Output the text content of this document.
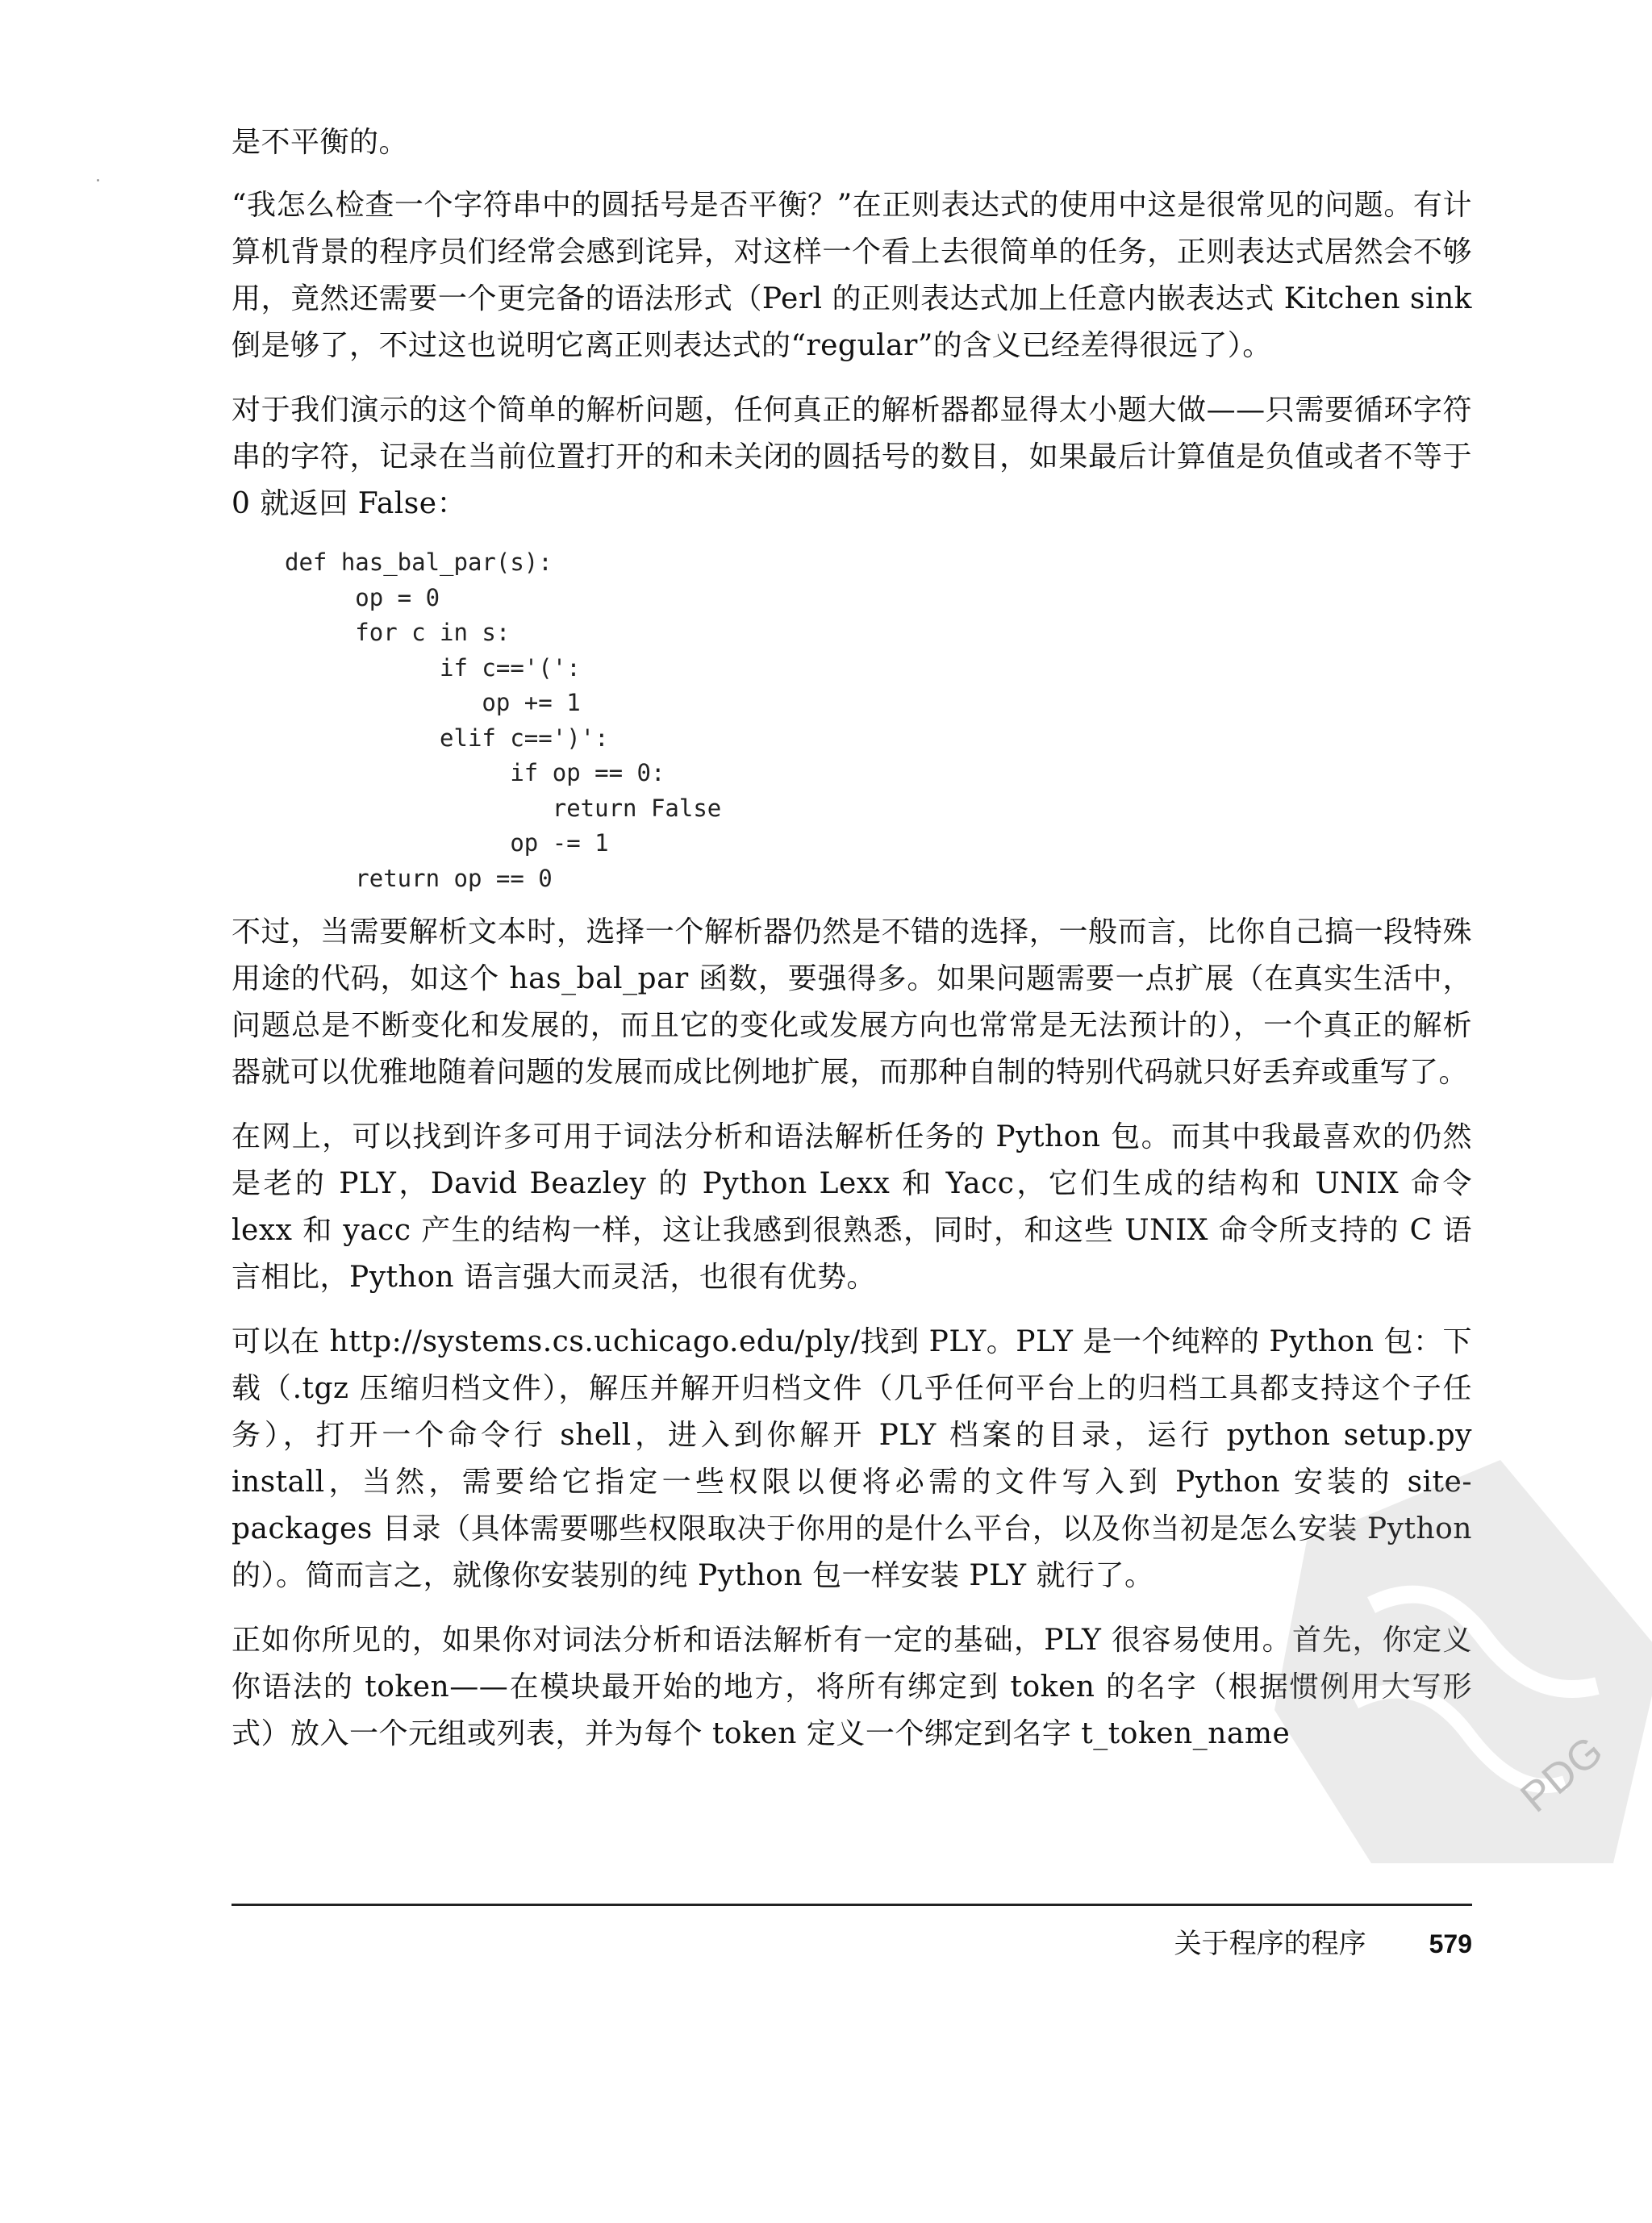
是不平衡的。

“我怎么检查一个字符串中的圆括号是否平衡？”在正则表达式的使用中这是很常见的问题。有计算机背景的程序员们经常会感到诧异，对这样一个看上去很简单的任务，正则表达式居然会不够用，竟然还需要一个更完备的语法形式（Perl 的正则表达式加上任意内嵌表达式 Kitchen sink 倒是够了，不过这也说明它离正则表达式的“regular”的含义已经差得很远了）。

对于我们演示的这个简单的解析问题，任何真正的解析器都显得太小题大做——只需要循环字符串的字符，记录在当前位置打开的和未关闭的圆括号的数目，如果最后计算值是负值或者不等于 0 就返回 False：

def has_bal_par(s):
op = 0
for c in s:
if c=='(':
op += 1
elif c==')':
if op == 0:
return False
op -= 1
return op == 0

不过，当需要解析文本时，选择一个解析器仍然是不错的选择，一般而言，比你自己搞一段特殊用途的代码，如这个 has_bal_par 函数，要强得多。如果问题需要一点扩展（在真实生活中，问题总是不断变化和发展的，而且它的变化或发展方向也常常是无法预计的），一个真正的解析器就可以优雅地随着问题的发展而成比例地扩展，而那种自制的特别代码就只好丢弃或重写了。

在网上，可以找到许多可用于词法分析和语法解析任务的 Python 包。而其中我最喜欢的仍然是老的 PLY，David Beazley 的 Python Lexx 和 Yacc，它们生成的结构和 UNIX 命令 lexx 和 yacc 产生的结构一样，这让我感到很熟悉，同时，和这些 UNIX 命令所支持的 C 语言相比，Python 语言强大而灵活，也很有优势。

可以在 http://systems.cs.uchicago.edu/ply/找到 PLY。PLY 是一个纯粹的 Python 包：下载（.tgz 压缩归档文件），解压并解开归档文件（几乎任何平台上的归档工具都支持这个子任务），打开一个命令行 shell，进入到你解开 PLY 档案的目录，运行 python setup.py install，当然，需要给它指定一些权限以便将必需的文件写入到 Python 安装的 site-packages 目录（具体需要哪些权限取决于你用的是什么平台，以及你当初是怎么安装 Python 的）。简而言之，就像你安装别的纯 Python 包一样安装 PLY 就行了。

正如你所见的，如果你对词法分析和语法解析有一定的基础，PLY 很容易使用。首先，你定义你语法的 token——在模块最开始的地方，将所有绑定到 token 的名字（根据惯例用大写形式）放入一个元组或列表，并为每个 token 定义一个绑定到名字 t_token_name	PDG
关于程序的程序 579
